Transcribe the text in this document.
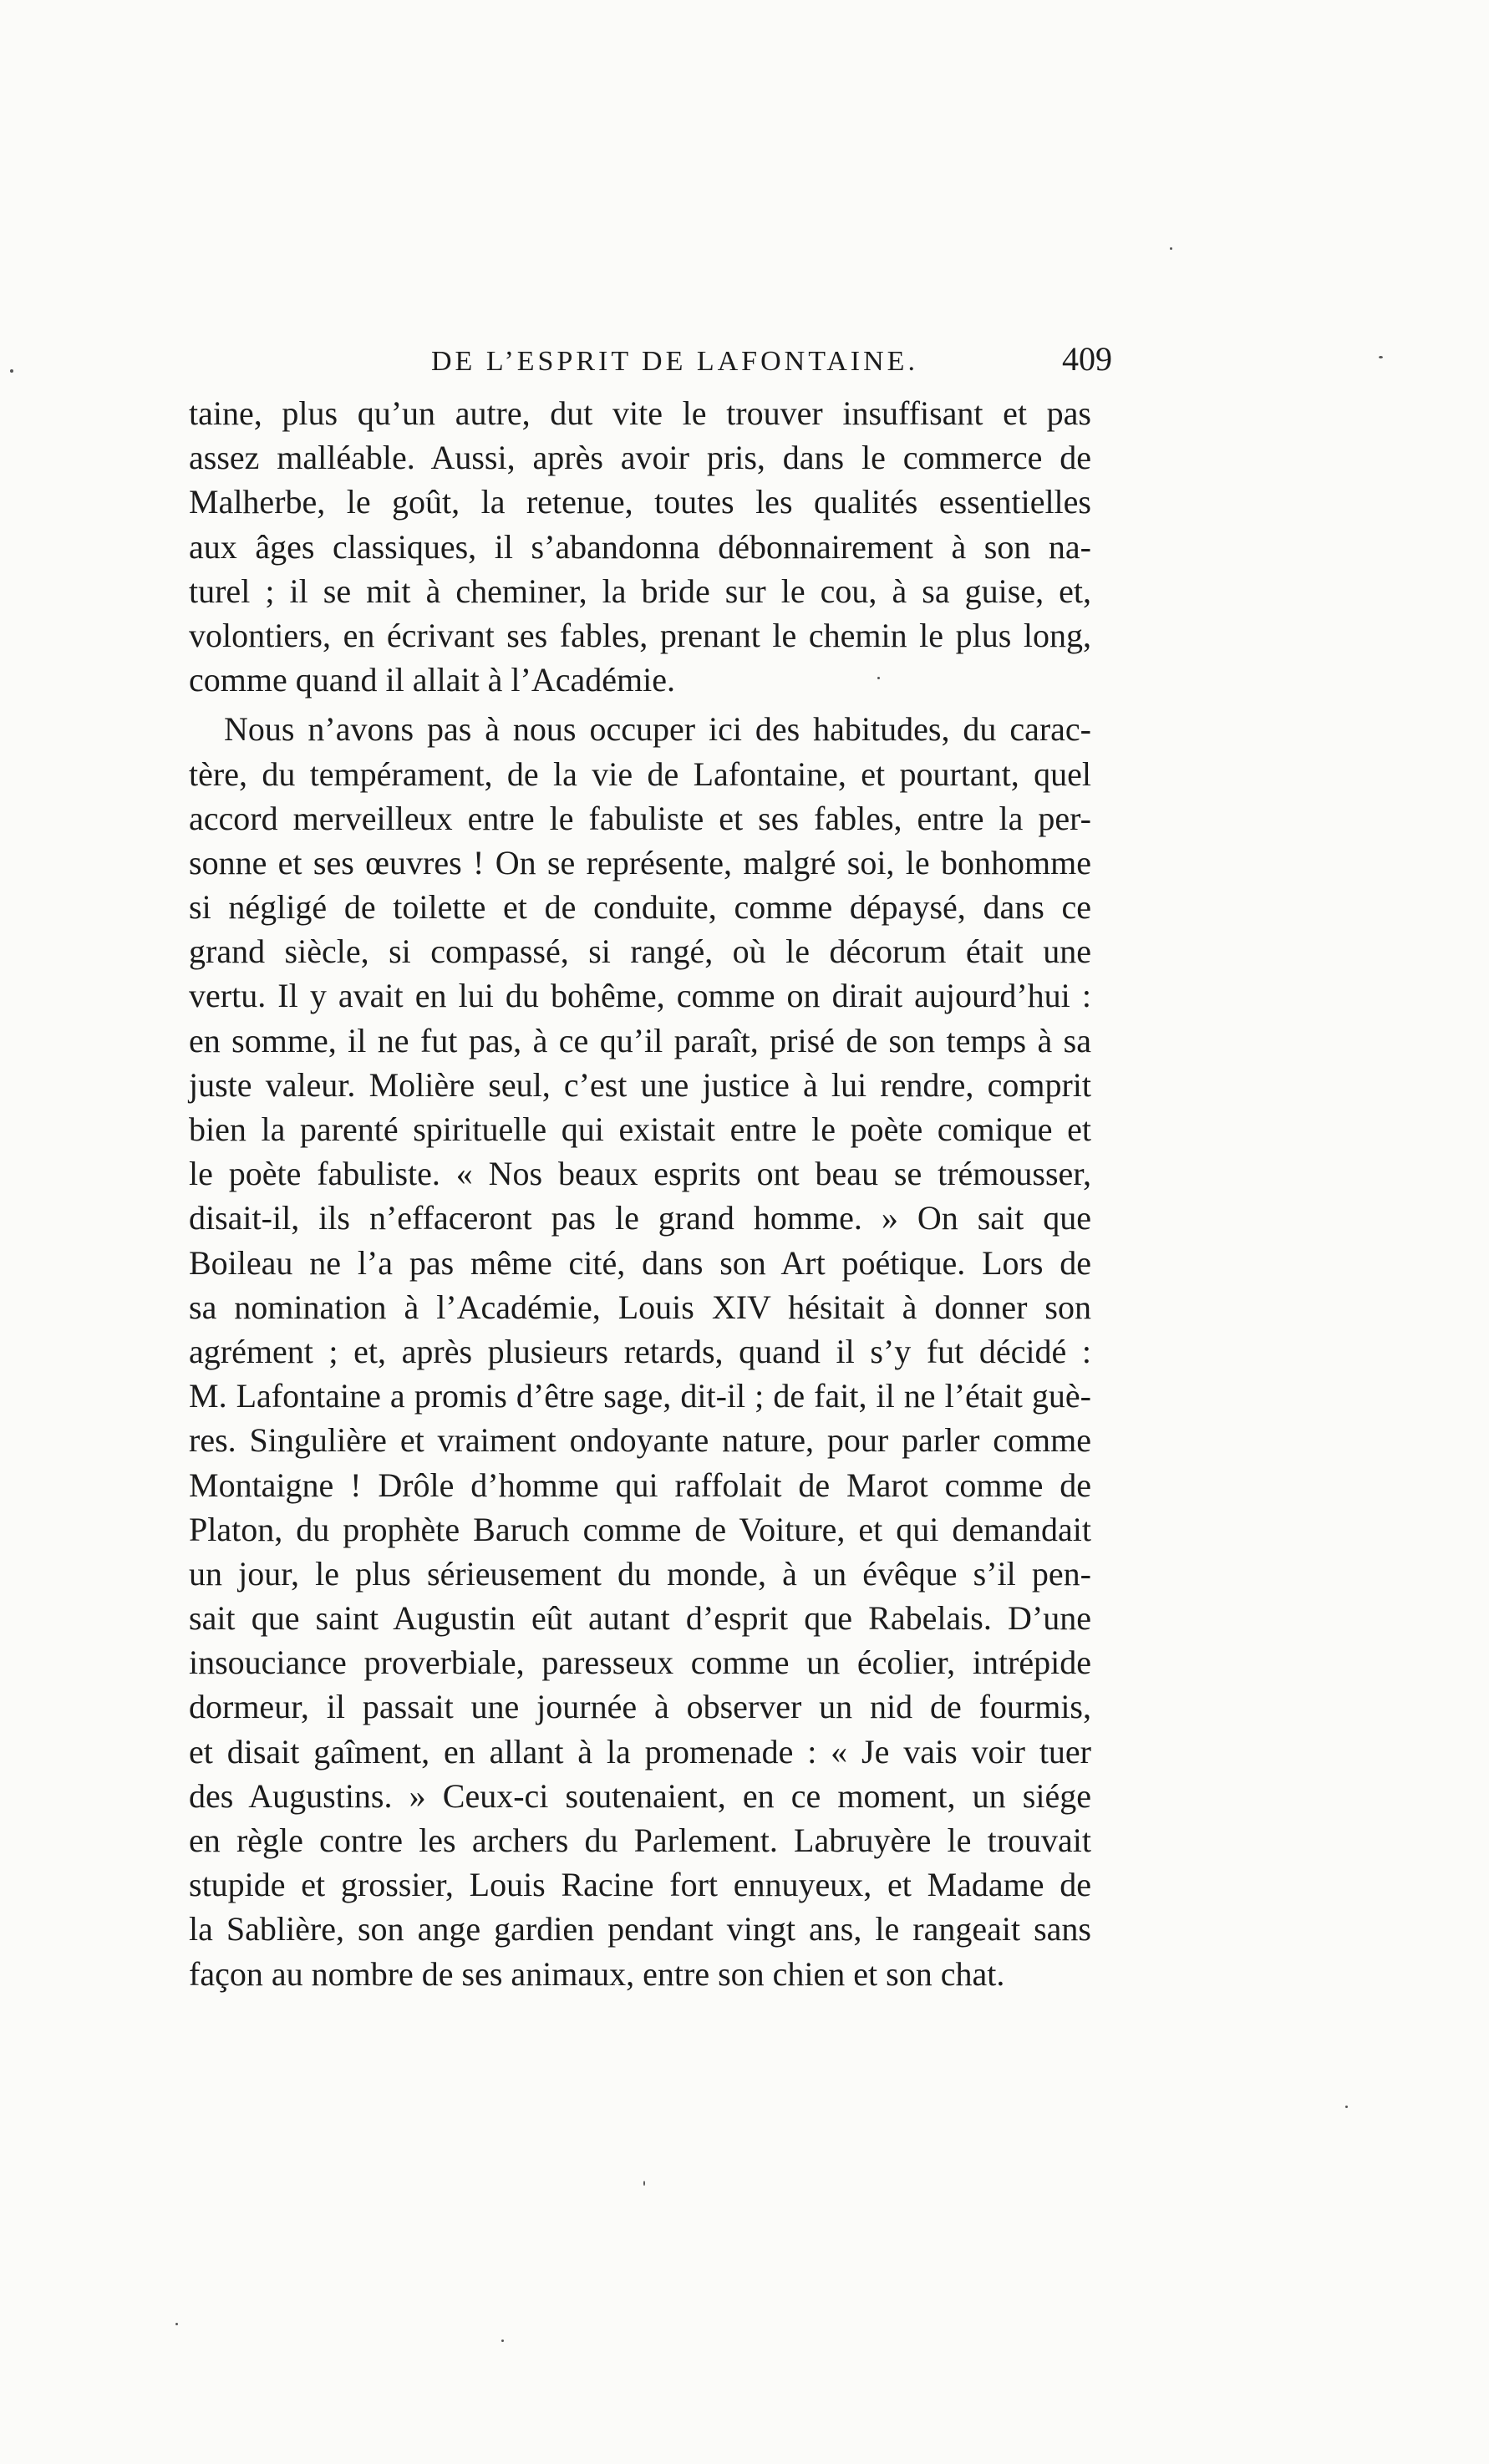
DE L’ESPRIT DE LAFONTAINE.	409
taine, plus qu’un autre, dut vite le trouver insuffisant et pas
assez malléable. Aussi, après avoir pris, dans le commerce de
Malherbe, le goût, la retenue, toutes les qualités essentielles
aux âges classiques, il s’abandonna débonnairement à son na-
turel ; il se mit à cheminer, la bride sur le cou, à sa guise, et,
volontiers, en écrivant ses fables, prenant le chemin le plus long,
comme quand il allait à l’Académie.
Nous n’avons pas à nous occuper ici des habitudes, du carac-
tère, du tempérament, de la vie de Lafontaine, et pourtant, quel
accord merveilleux entre le fabuliste et ses fables, entre la per-
sonne et ses œuvres ! On se représente, malgré soi, le bonhomme
si négligé de toilette et de conduite, comme dépaysé, dans ce
grand siècle, si compassé, si rangé, où le décorum était une
vertu. Il y avait en lui du bohême, comme on dirait aujourd’hui :
en somme, il ne fut pas, à ce qu’il paraît, prisé de son temps à sa
juste valeur. Molière seul, c’est une justice à lui rendre, comprit
bien la parenté spirituelle qui existait entre le poète comique et
le poète fabuliste. « Nos beaux esprits ont beau se trémousser,
disait-il, ils n’effaceront pas le grand homme. » On sait que
Boileau ne l’a pas même cité, dans son Art poétique. Lors de
sa nomination à l’Académie, Louis XIV hésitait à donner son
agrément ; et, après plusieurs retards, quand il s’y fut décidé :
M. Lafontaine a promis d’être sage, dit-il ; de fait, il ne l’était guè-
res. Singulière et vraiment ondoyante nature, pour parler comme
Montaigne ! Drôle d’homme qui raffolait de Marot comme de
Platon, du prophète Baruch comme de Voiture, et qui demandait
un jour, le plus sérieusement du monde, à un évêque s’il pen-
sait que saint Augustin eût autant d’esprit que Rabelais. D’une
insouciance proverbiale, paresseux comme un écolier, intrépide
dormeur, il passait une journée à observer un nid de fourmis,
et disait gaîment, en allant à la promenade : « Je vais voir tuer
des Augustins. » Ceux-ci soutenaient, en ce moment, un siége
en règle contre les archers du Parlement. Labruyère le trouvait
stupide et grossier, Louis Racine fort ennuyeux, et Madame de
la Sablière, son ange gardien pendant vingt ans, le rangeait sans
façon au nombre de ses animaux, entre son chien et son chat.
